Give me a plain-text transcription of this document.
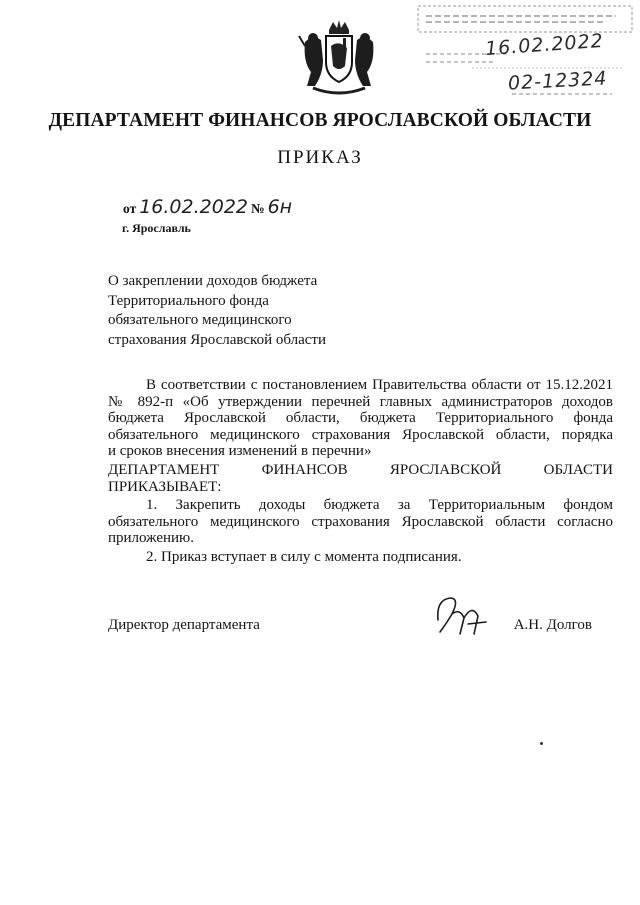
16.02.2022
02-12324
ДЕПАРТАМЕНТ ФИНАНСОВ ЯРОСЛАВСКОЙ ОБЛАСТИ
ПРИКАЗ
от 16.02.2022 № 6н
г. Ярославль
О закреплении доходов бюджета
Территориального фонда
обязательного медицинского
страхования Ярославской области
В соответствии с постановлением Правительства области от 15.12.2021
№ 892-п «Об утверждении перечней главных администраторов доходов
бюджета Ярославской области, бюджета Территориального фонда
обязательного медицинского страхования Ярославской области, порядка
и сроков внесения изменений в перечни»
ДЕПАРТАМЕНТ ФИНАНСОВ ЯРОСЛАВСКОЙ ОБЛАСТИ
ПРИКАЗЫВАЕТ:
1. Закрепить доходы бюджета за Территориальным фондом
обязательного медицинского страхования Ярославской области согласно
приложению.
2. Приказ вступает в силу с момента подписания.
Директор департамента	А.Н. Долгов
